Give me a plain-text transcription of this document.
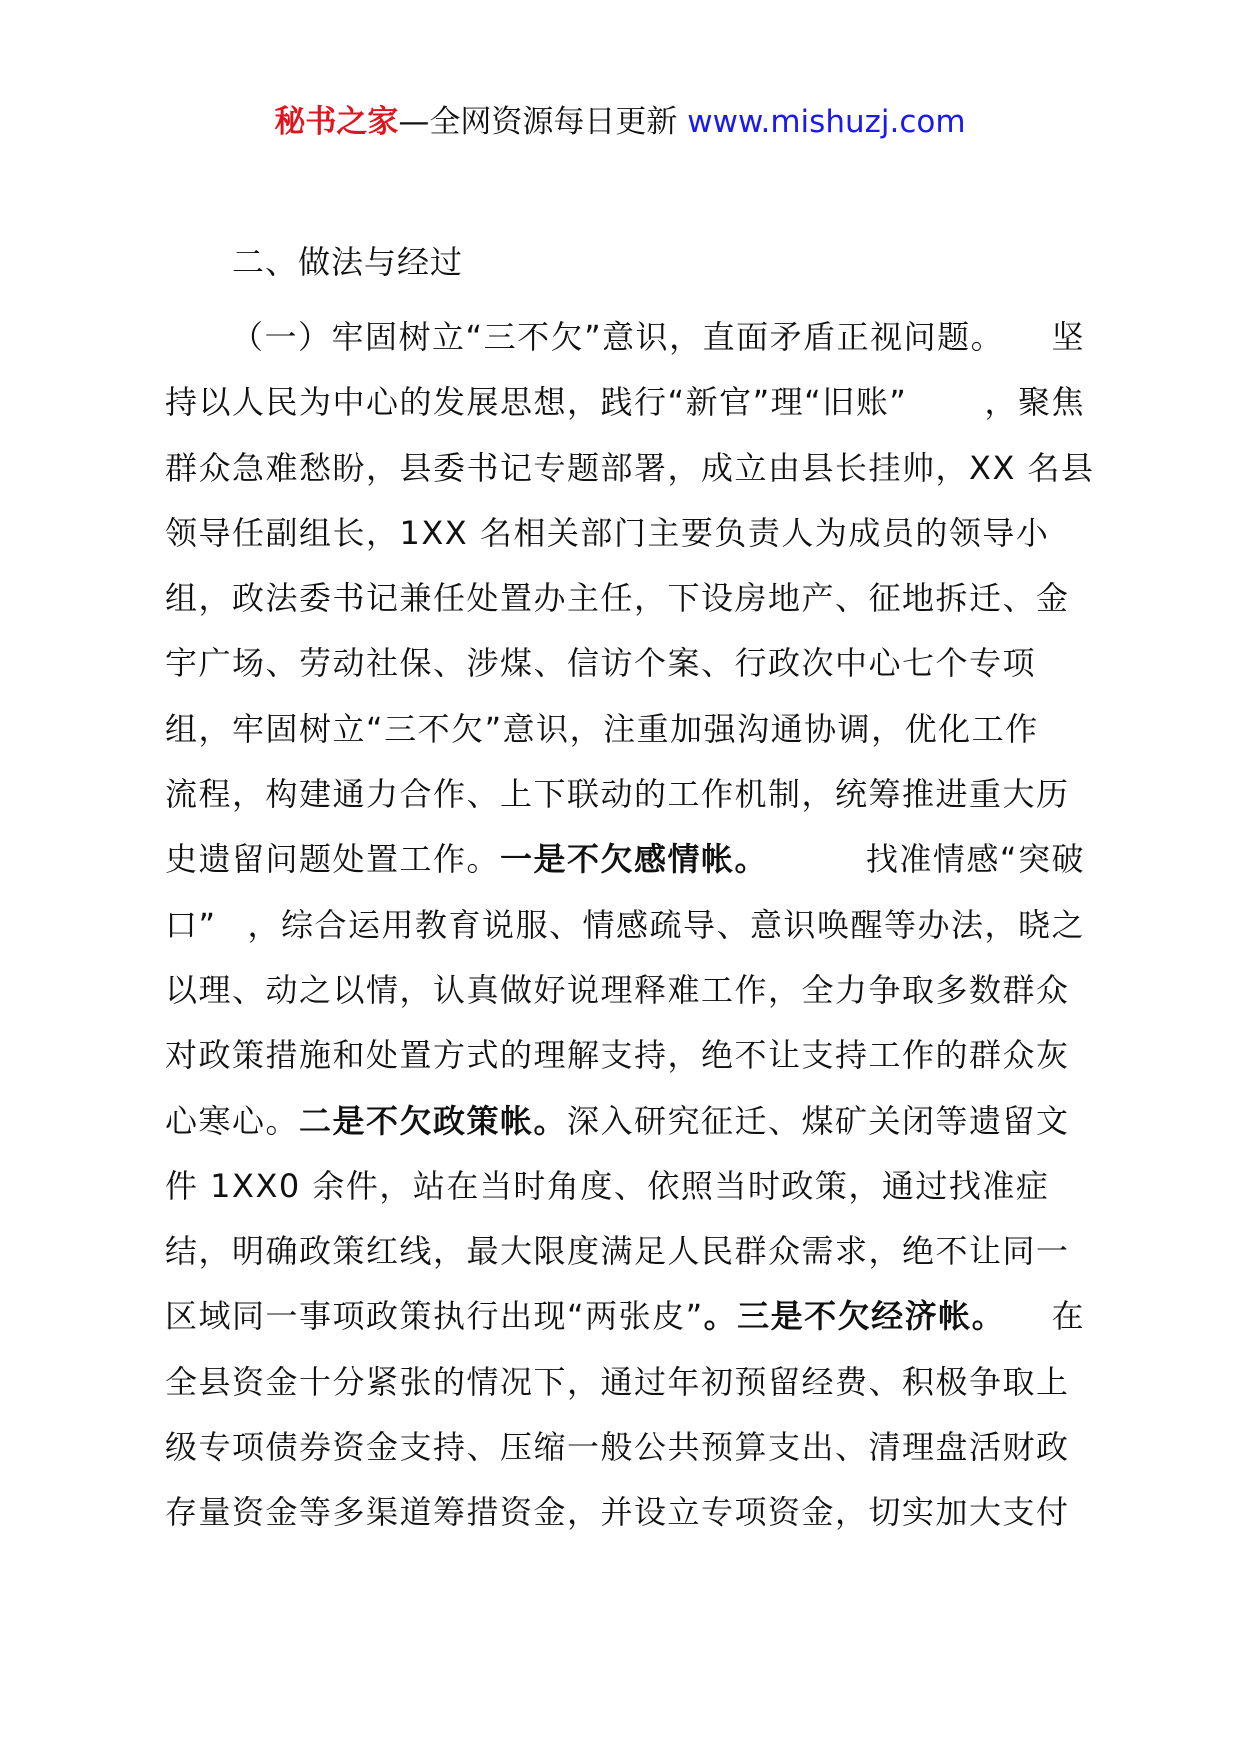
秘书之家—全网资源每日更新 www.mishuzj.com
二、做法与经过
（一）牢固树立“三不欠”意识，直面矛盾正视问题。 坚
持以人民为中心的发展思想，践行“新官”理“旧账” ，聚焦
群众急难愁盼，县委书记专题部署，成立由县长挂帅， XX 名县
领导任副组长，1XX 名相关部门主要负责人为成员的领导小
组，政法委书记兼任处置办主任，下设房地产、征地拆迁、金
宇广场、劳动社保、涉煤、信访个案、行政次中心七个专项
组，牢固树立“三不欠”意识，注重加强沟通协调，优化工作
流程，构建通力合作、上下联动的工作机制，统筹推进重大历
史遗留问题处置工作。一是不欠感情帐。	找准情感“突破
口” ，综合运用教育说服、情感疏导、意识唤醒等办法，晓之
以理、动之以情，认真做好说理释难工作，全力争取多数群众
对政策措施和处置方式的理解支持，绝不让支持工作的群众灰
心寒心。二是不欠政策帐。深入研究征迁、煤矿关闭等遗留文
件 1XX0 余件，站在当时角度、依照当时政策，通过找准症
结，明确政策红线，最大限度满足人民群众需求，绝不让同一
区域同一事项政策执行出现“两张皮”。三是不欠经济帐。 在
全县资金十分紧张的情况下，通过年初预留经费、积极争取上
级专项债券资金支持、压缩一般公共预算支出、清理盘活财政
存量资金等多渠道筹措资金，并设立专项资金，切实加大支付
